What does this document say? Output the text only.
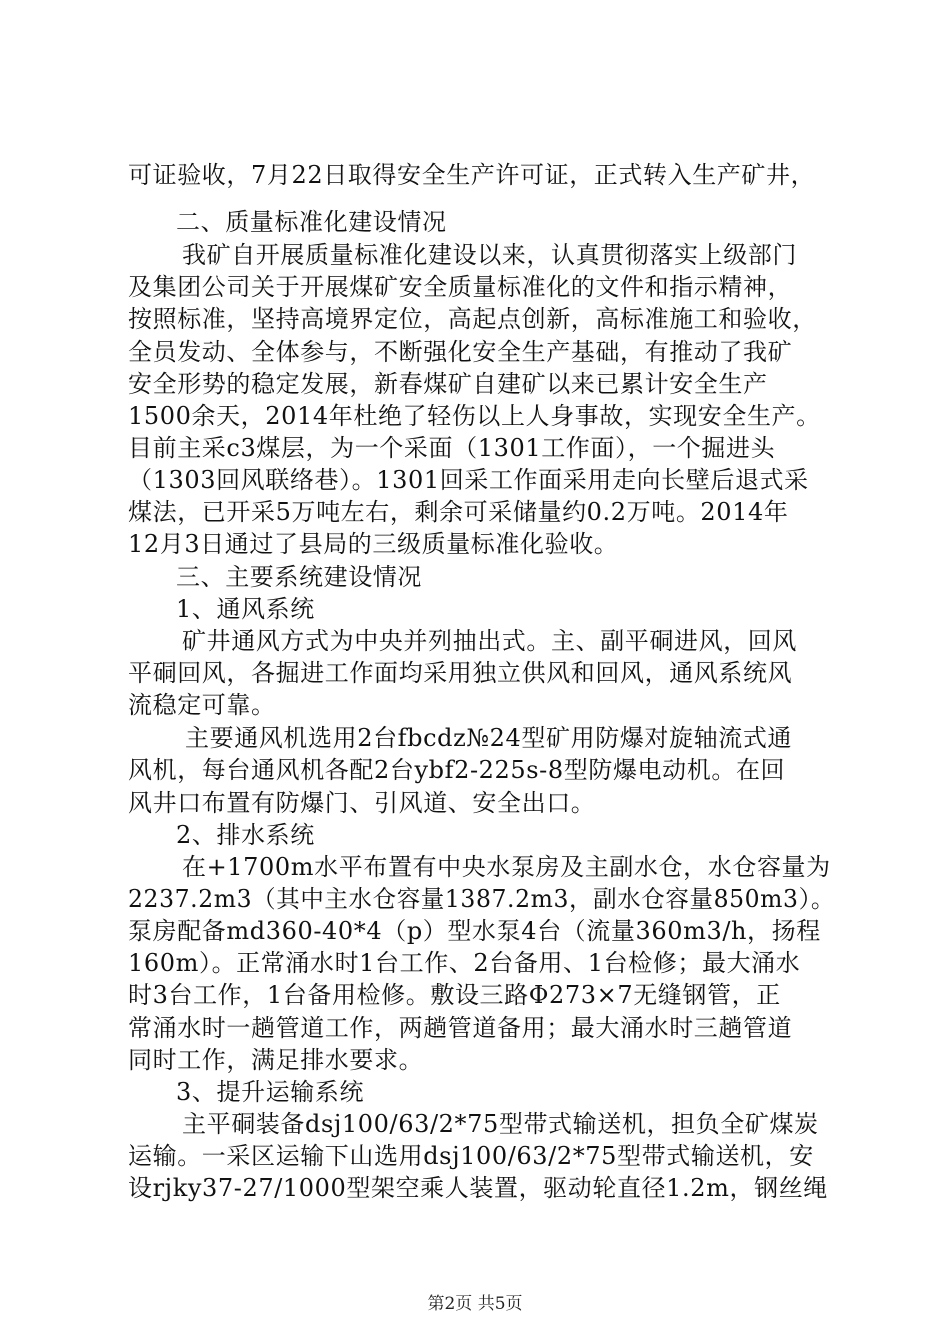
可证验收，7月22日取得安全生产许可证，正式转入生产矿井，
二、质量标准化建设情况
我矿自开展质量标准化建设以来，认真贯彻落实上级部门
及集团公司关于开展煤矿安全质量标准化的文件和指示精神，
按照标准，坚持高境界定位，高起点创新，高标准施工和验收，
全员发动、全体参与，不断强化安全生产基础，有推动了我矿
安全形势的稳定发展，新春煤矿自建矿以来已累计安全生产
1500余天，2014年杜绝了轻伤以上人身事故，实现安全生产。
目前主采c3煤层，为一个采面（1301工作面），一个掘进头
（1303回风联络巷）。1301回采工作面采用走向长壁后退式采
煤法，已开采5万吨左右，剩余可采储量约0.2万吨。2014年
12月3日通过了县局的三级质量标准化验收。
三、主要系统建设情况
1、通风系统
矿井通风方式为中央并列抽出式。主、副平硐进风，回风
平硐回风，各掘进工作面均采用独立供风和回风，通风系统风
流稳定可靠。
主要通风机选用2台fbcdz№24型矿用防爆对旋轴流式通
风机，每台通风机各配2台ybf2-225s-8型防爆电动机。在回
风井口布置有防爆门、引风道、安全出口。
2、排水系统
在+1700m水平布置有中央水泵房及主副水仓，水仓容量为
2237.2m3（其中主水仓容量1387.2m3，副水仓容量850m3）。
泵房配备md360-40*4（p）型水泵4台（流量360m3/h，扬程
160m）。正常涌水时1台工作、2台备用、1台检修；最大涌水
时3台工作，1台备用检修。敷设三路Φ273×7无缝钢管，正
常涌水时一趟管道工作，两趟管道备用；最大涌水时三趟管道
同时工作，满足排水要求。
3、提升运输系统
主平硐装备dsj100/63/2*75型带式输送机，担负全矿煤炭
运输。一采区运输下山选用dsj100/63/2*75型带式输送机，安
设rjky37-27/1000型架空乘人装置，驱动轮直径1.2m，钢丝绳
第2页 共5页
